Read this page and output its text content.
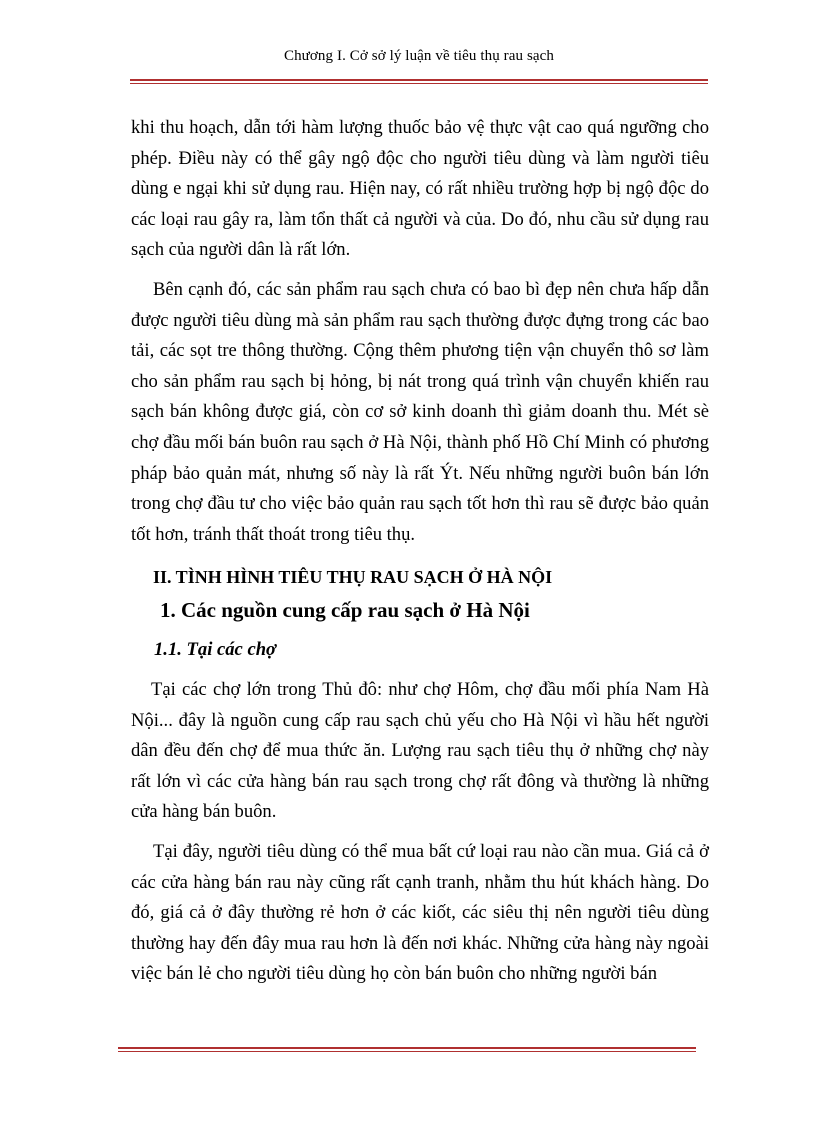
Chương I. Cở sở lý luận về tiêu thụ rau sạch

khi thu hoạch, dẫn tới hàm lượng thuốc bảo vệ thực vật cao quá ngưỡng cho phép. Điều này có thể gây ngộ độc cho người tiêu dùng và làm người tiêu dùng e ngại khi sử dụng rau. Hiện nay, có rất nhiều trường hợp bị ngộ độc do các loại rau gây ra, làm tổn thất cả người và của. Do đó, nhu cầu sử dụng rau sạch của người dân là rất lớn.

Bên cạnh đó, các sản phẩm rau sạch chưa có bao bì đẹp nên chưa hấp dẫn được người tiêu dùng mà sản phẩm rau sạch thường được đựng trong các bao tải, các sọt tre thông thường. Cộng thêm phương tiện vận chuyển thô sơ làm cho sản phẩm rau sạch bị hỏng, bị nát trong quá trình vận chuyển khiến rau sạch bán không được giá, còn cơ sở kinh doanh thì giảm doanh thu. Mét sè chợ đầu mối bán buôn rau sạch ở Hà Nội, thành phố Hồ Chí Minh có phương pháp bảo quản mát, nhưng số này là rất Ýt. Nếu những người buôn bán lớn trong chợ đầu tư cho việc bảo quản rau sạch tốt hơn thì rau sẽ được bảo quản tốt hơn, tránh thất thoát trong tiêu thụ.

II. TÌNH HÌNH TIÊU THỤ RAU SẠCH Ở HÀ NỘI
1. Các nguồn cung cấp rau sạch ở Hà Nội
1.1. Tại các chợ

Tại các chợ lớn trong Thủ đô: như chợ Hôm, chợ đầu mối phía Nam Hà Nội... đây là nguồn cung cấp rau sạch chủ yếu cho Hà Nội vì hầu hết người dân đều đến chợ để mua thức ăn. Lượng rau sạch tiêu thụ ở những chợ này rất lớn vì các cửa hàng bán rau sạch trong chợ rất đông và thường là những cửa hàng bán buôn.

Tại đây, người tiêu dùng có thể mua bất cứ loại rau nào cần mua. Giá cả ở các cửa hàng bán rau này cũng rất cạnh tranh, nhằm thu hút khách hàng. Do đó, giá cả ở đây thường rẻ hơn ở các kiốt, các siêu thị nên người tiêu dùng thường hay đến đây mua rau hơn là đến nơi khác. Những cửa hàng này ngoài việc bán lẻ cho người tiêu dùng họ còn bán buôn cho những người bán
